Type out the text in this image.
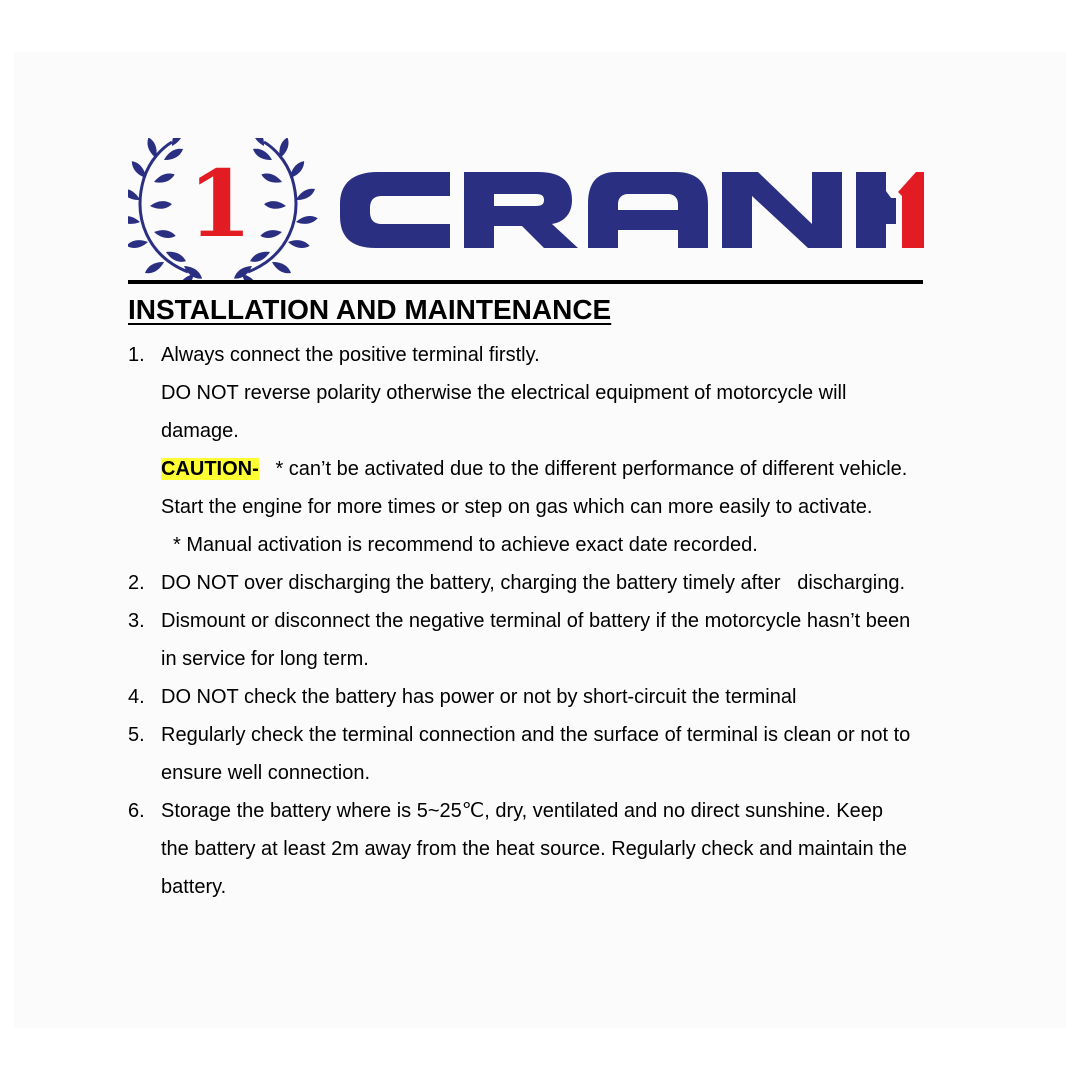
1
INSTALLATION AND MAINTENANCE
1. Always connect the positive terminal firstly.
DO NOT reverse polarity otherwise the electrical equipment of motorcycle will
damage.
CAUTION- * can’t be activated due to the different performance of different vehicle.
Start the engine for more times or step on gas which can more easily to activate.
* Manual activation is recommend to achieve exact date recorded.
2. DO NOT over discharging the battery, charging the battery timely after   discharging.
3. Dismount or disconnect the negative terminal of battery if the motorcycle hasn’t been
in service for long term.
4. DO NOT check the battery has power or not by short-circuit the terminal
5. Regularly check the terminal connection and the surface of terminal is clean or not to
ensure well connection.
6. Storage the battery where is 5~25℃, dry, ventilated and no direct sunshine. Keep
the battery at least 2m away from the heat source. Regularly check and maintain the
battery.
